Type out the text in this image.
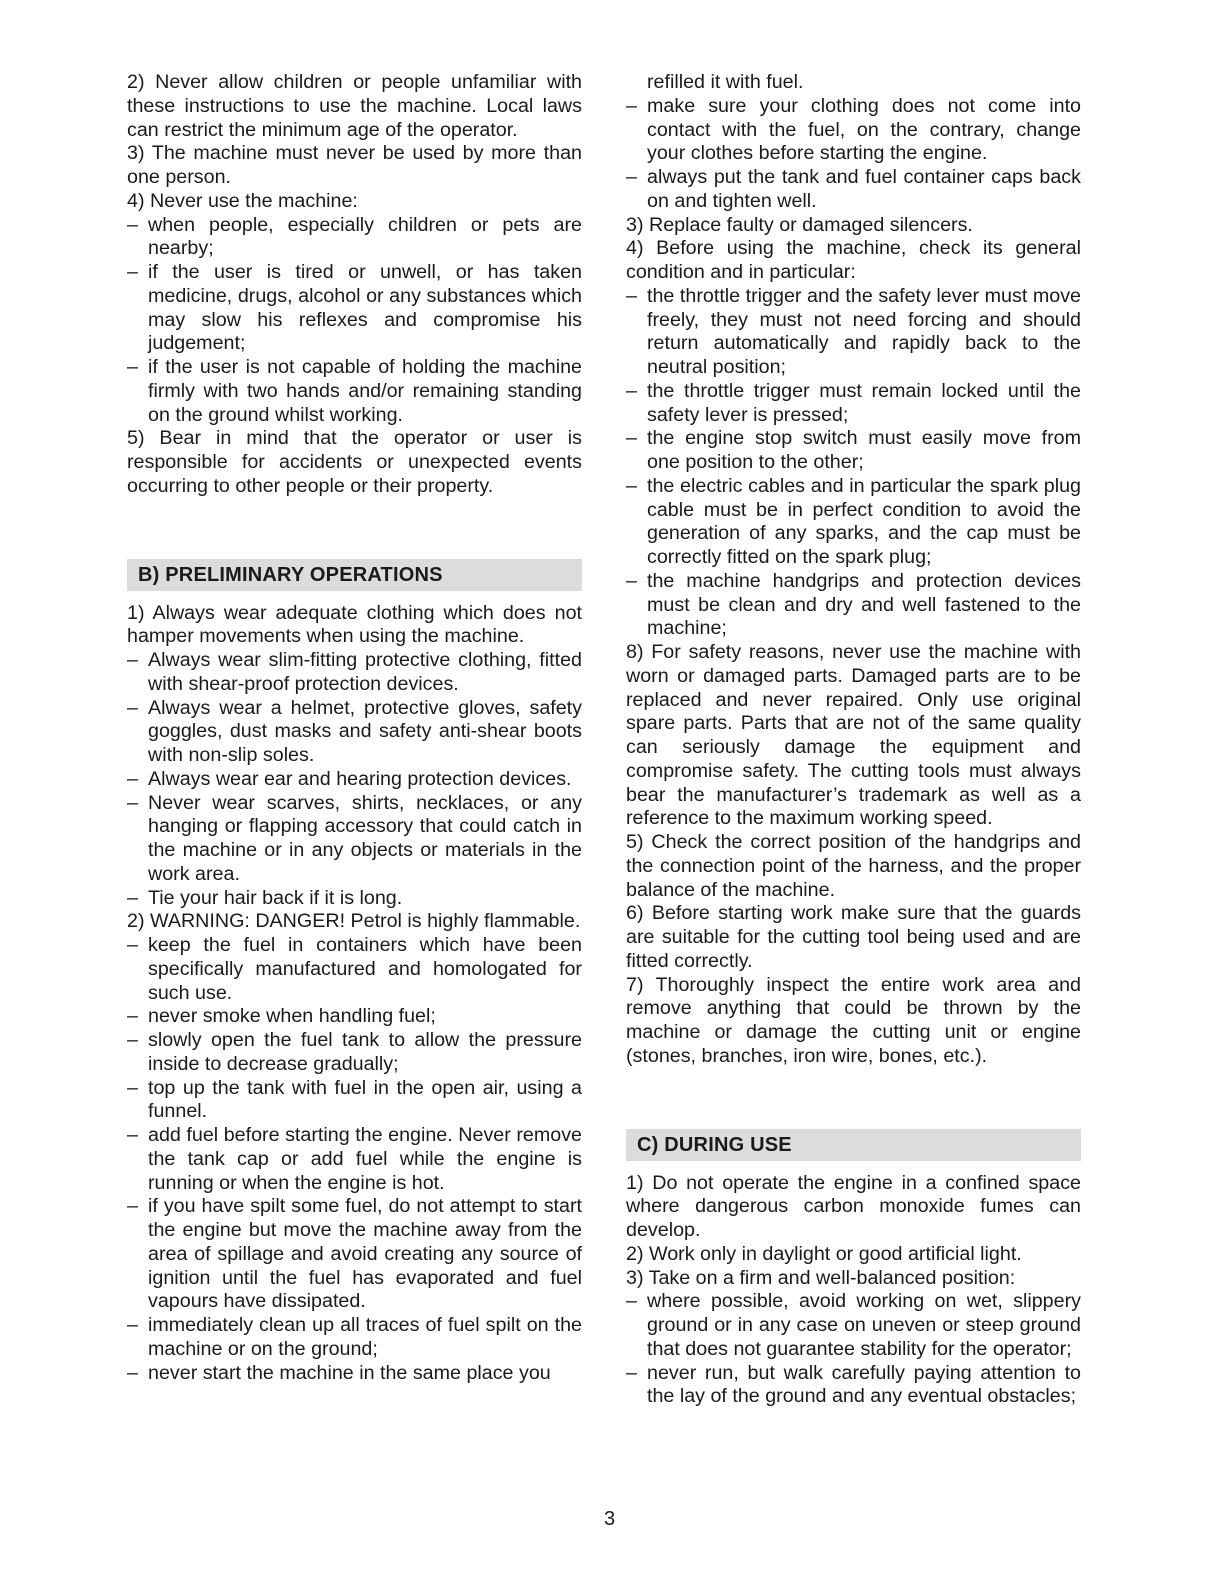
2) Never allow children or people unfamiliar with these instructions to use the machine. Local laws can restrict the minimum age of the operator.

3) The machine must never be used by more than one person.

4) Never use the machine:

– when people, especially children or pets are nearby;
– if the user is tired or unwell, or has taken medicine, drugs, alcohol or any substances which may slow his reflexes and compromise his judgement;
– if the user is not capable of holding the machine firmly with two hands and/or remaining standing on the ground whilst working.

5) Bear in mind that the operator or user is responsible for accidents or unexpected events occurring to other people or their property.

B) PRELIMINARY OPERATIONS

1) Always wear adequate clothing which does not hamper movements when using the machine.

– Always wear slim-fitting protective clothing, fitted with shear-proof protection devices.
– Always wear a helmet, protective gloves, safety goggles, dust masks and safety anti-shear boots with non-slip soles.
– Always wear ear and hearing protection devices.
– Never wear scarves, shirts, necklaces, or any hanging or flapping accessory that could catch in the machine or in any objects or materials in the work area.
– Tie your hair back if it is long.

2) WARNING: DANGER! Petrol is highly flammable.

– keep the fuel in containers which have been specifically manufactured and homologated for such use.
– never smoke when handling fuel;
– slowly open the fuel tank to allow the pressure inside to decrease gradually;
– top up the tank with fuel in the open air, using a funnel.
– add fuel before starting the engine. Never remove the tank cap or add fuel while the engine is running or when the engine is hot.
– if you have spilt some fuel, do not attempt to start the engine but move the machine away from the area of spillage and avoid creating any source of ignition until the fuel has evaporated and fuel vapours have dissipated.
– immediately clean up all traces of fuel spilt on the machine or on the ground;
– never start the machine in the same place you
refilled it with fuel.
– make sure your clothing does not come into contact with the fuel, on the contrary, change your clothes before starting the engine.
– always put the tank and fuel container caps back on and tighten well.

3) Replace faulty or damaged silencers.

4) Before using the machine, check its general condition and in particular:

– the throttle trigger and the safety lever must move freely, they must not need forcing and should return automatically and rapidly back to the neutral position;
– the throttle trigger must remain locked until the safety lever is pressed;
– the engine stop switch must easily move from one position to the other;
– the electric cables and in particular the spark plug cable must be in perfect condition to avoid the generation of any sparks, and the cap must be correctly fitted on the spark plug;
– the machine handgrips and protection devices must be clean and dry and well fastened to the machine;

8) For safety reasons, never use the machine with worn or damaged parts. Damaged parts are to be replaced and never repaired. Only use original spare parts. Parts that are not of the same quality can seriously damage the equipment and compromise safety. The cutting tools must always bear the manufacturer’s trademark as well as a reference to the maximum working speed.

5) Check the correct position of the handgrips and the connection point of the harness, and the proper balance of the machine.

6) Before starting work make sure that the guards are suitable for the cutting tool being used and are fitted correctly.

7) Thoroughly inspect the entire work area and remove anything that could be thrown by the machine or damage the cutting unit or engine (stones, branches, iron wire, bones, etc.).

C) DURING USE

1) Do not operate the engine in a confined space where dangerous carbon monoxide fumes can develop.

2) Work only in daylight or good artificial light.

3) Take on a firm and well-balanced position:

– where possible, avoid working on wet, slippery ground or in any case on uneven or steep ground that does not guarantee stability for the operator;
– never run, but walk carefully paying attention to the lay of the ground and any eventual obstacles;
3
